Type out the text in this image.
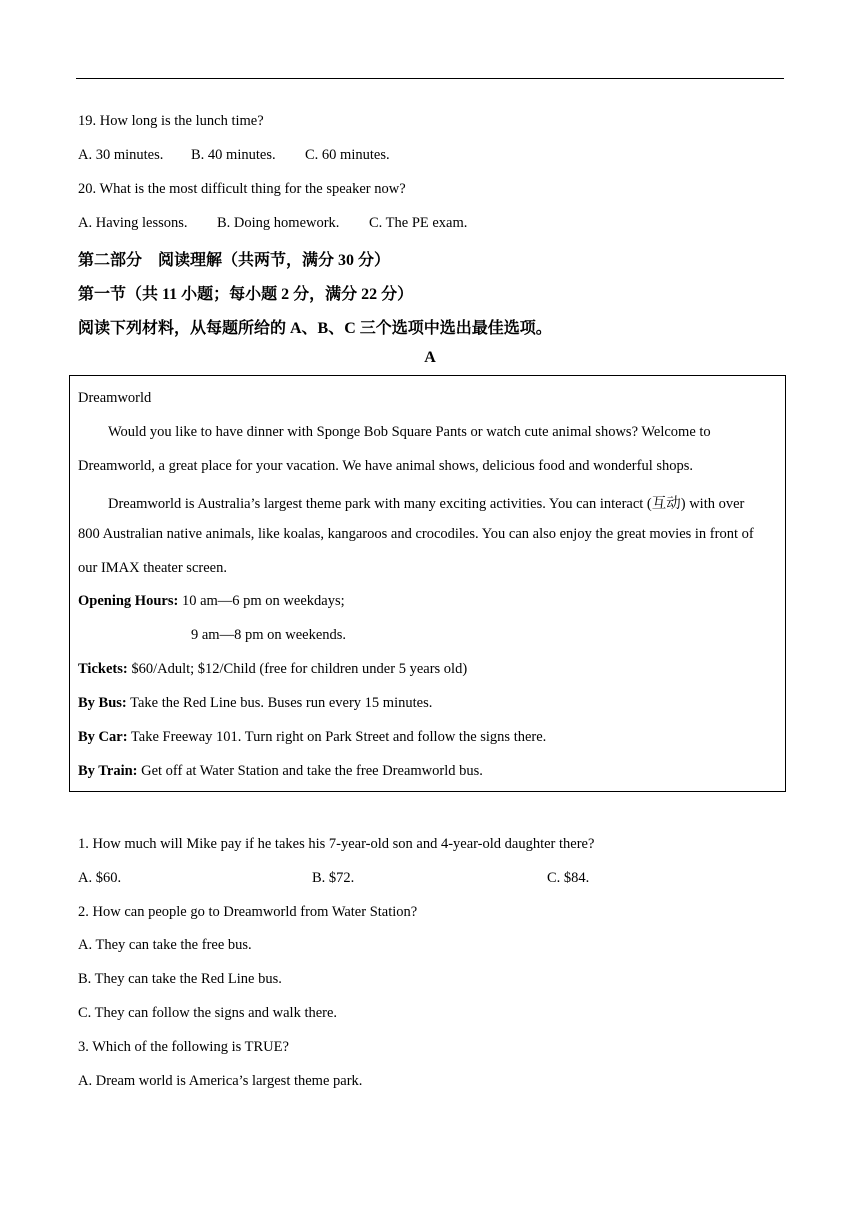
19. How long is the lunch time?
A. 30 minutes. B. 40 minutes. C. 60 minutes.
20. What is the most difficult thing for the speaker now?
A. Having lessons. B. Doing homework. C. The PE exam.
第二部分　阅读理解（共两节，满分 30 分）
第一节（共 11 小题；每小题 2 分，满分 22 分）
阅读下列材料，从每题所给的 A、B、C 三个选项中选出最佳选项。
A
Dreamworld
Would you like to have dinner with Sponge Bob Square Pants or watch cute animal shows? Welcome to
Dreamworld, a great place for your vacation. We have animal shows, delicious food and wonderful shops.
Dreamworld is Australia’s largest theme park with many exciting activities. You can interact (互动) with over
800 Australian native animals, like koalas, kangaroos and crocodiles. You can also enjoy the great movies in front of
our IMAX theater screen.
Opening Hours: 10 am—6 pm on weekdays;
9 am—8 pm on weekends.
Tickets: $60/Adult; $12/Child (free for children under 5 years old)
By Bus: Take the Red Line bus. Buses run every 15 minutes.
By Car: Take Freeway 101. Turn right on Park Street and follow the signs there.
By Train: Get off at Water Station and take the free Dreamworld bus.
1. How much will Mike pay if he takes his 7-year-old son and 4-year-old daughter there?
A. $60.	B. $72.	C. $84.
2. How can people go to Dreamworld from Water Station?
A. They can take the free bus.
B. They can take the Red Line bus.
C. They can follow the signs and walk there.
3. Which of the following is TRUE?
A. Dream world is America’s largest theme park.
